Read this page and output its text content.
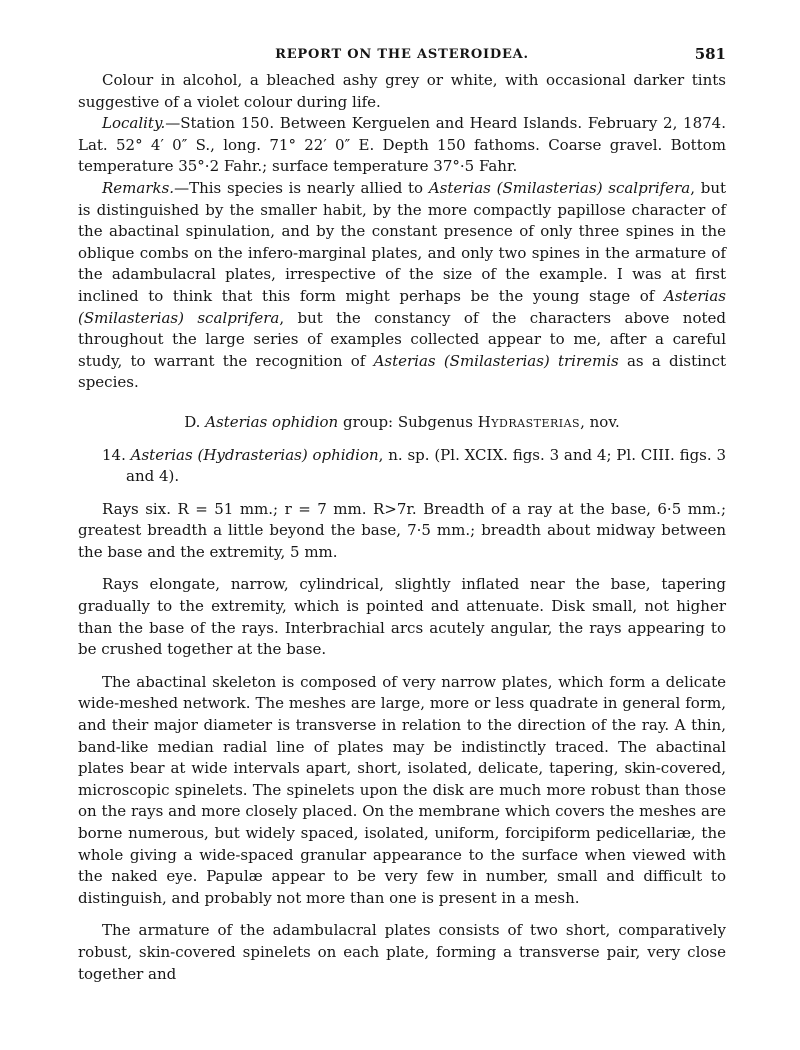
REPORT ON THE ASTEROIDEA.	581

Colour in alcohol, a bleached ashy grey or white, with occasional darker tints suggestive of a violet colour during life.

Locality.—Station 150. Between Kerguelen and Heard Islands. February 2, 1874. Lat. 52° 4′ 0″ S., long. 71° 22′ 0″ E. Depth 150 fathoms. Coarse gravel. Bottom temperature 35°·2 Fahr.; surface temperature 37°·5 Fahr.

Remarks.—This species is nearly allied to Asterias (Smilasterias) scalprifera, but is distinguished by the smaller habit, by the more compactly papillose character of the abactinal spinulation, and by the constant presence of only three spines in the oblique combs on the infero-marginal plates, and only two spines in the armature of the adambulacral plates, irrespective of the size of the example. I was at first inclined to think that this form might perhaps be the young stage of Asterias (Smilasterias) scalprifera, but the constancy of the characters above noted throughout the large series of examples collected appear to me, after a careful study, to warrant the recognition of Asterias (Smilasterias) triremis as a distinct species.

D. Asterias ophidion group: Subgenus Hydrasterias, nov.

14. Asterias (Hydrasterias) ophidion, n. sp. (Pl. XCIX. figs. 3 and 4; Pl. CIII. figs. 3 and 4).

Rays six. R = 51 mm.; r = 7 mm. R>7r. Breadth of a ray at the base, 6·5 mm.; greatest breadth a little beyond the base, 7·5 mm.; breadth about midway between the base and the extremity, 5 mm.

Rays elongate, narrow, cylindrical, slightly inflated near the base, tapering gradually to the extremity, which is pointed and attenuate. Disk small, not higher than the base of the rays. Interbrachial arcs acutely angular, the rays appearing to be crushed together at the base.

The abactinal skeleton is composed of very narrow plates, which form a delicate wide-meshed network. The meshes are large, more or less quadrate in general form, and their major diameter is transverse in relation to the direction of the ray. A thin, band-like median radial line of plates may be indistinctly traced. The abactinal plates bear at wide intervals apart, short, isolated, delicate, tapering, skin-covered, microscopic spinelets. The spinelets upon the disk are much more robust than those on the rays and more closely placed. On the membrane which covers the meshes are borne numerous, but widely spaced, isolated, uniform, forcipiform pedicellariæ, the whole giving a wide-spaced granular appearance to the surface when viewed with the naked eye. Papulæ appear to be very few in number, small and difficult to distinguish, and probably not more than one is present in a mesh.

The armature of the adambulacral plates consists of two short, comparatively robust, skin-covered spinelets on each plate, forming a transverse pair, very close together and
